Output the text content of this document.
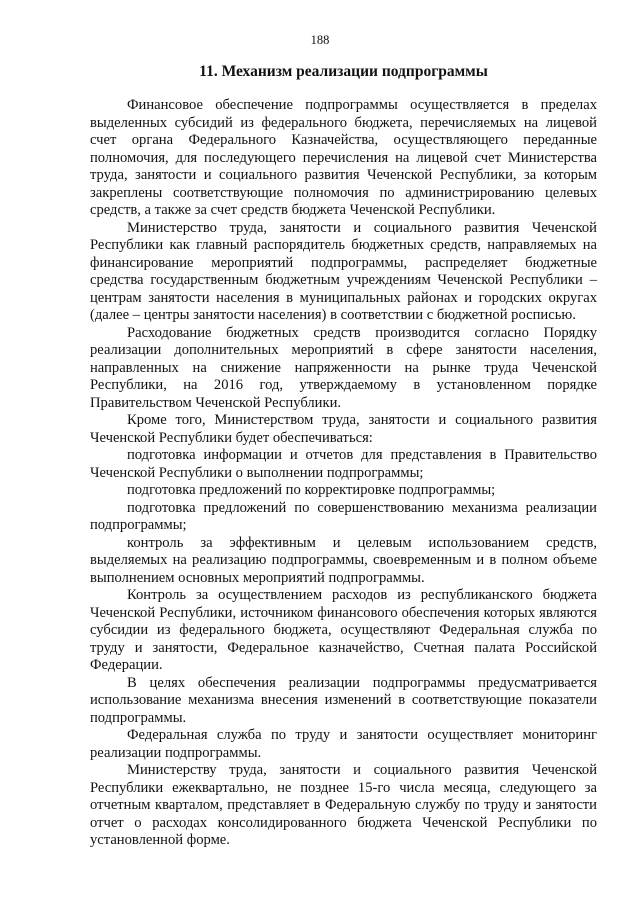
188
11. Механизм реализации подпрограммы

Финансовое обеспечение подпрограммы осуществляется в пределах выделенных субсидий из федерального бюджета, перечисляемых на лицевой счет органа Федерального Казначейства, осуществляющего переданные полномочия, для последующего перечисления на лицевой счет Министерства труда, занятости и социального развития Чеченской Республики, за которым закреплены соответствующие полномочия по администрированию целевых средств, а также за счет средств бюджета Чеченской Республики.

Министерство труда, занятости и социального развития Чеченской Республики как главный распорядитель бюджетных средств, направляемых на финансирование мероприятий подпрограммы, распределяет бюджетные средства государственным бюджетным учреждениям Чеченской Республики – центрам занятости населения в муниципальных районах и городских округах (далее – центры занятости населения) в соответствии с бюджетной росписью.

Расходование бюджетных средств производится согласно Порядку реализации дополнительных мероприятий в сфере занятости населения, направленных на снижение напряженности на рынке труда Чеченской Республики, на 2016 год, утверждаемому в установленном порядке Правительством Чеченской Республики.

Кроме того, Министерством труда, занятости и социального развития Чеченской Республики будет обеспечиваться:

подготовка информации и отчетов для представления в Правительство Чеченской Республики о выполнении подпрограммы;

подготовка предложений по корректировке подпрограммы;

подготовка предложений по совершенствованию механизма реализации подпрограммы;

контроль за эффективным и целевым использованием средств, выделяемых на реализацию подпрограммы, своевременным и в полном объеме выполнением основных мероприятий подпрограммы.

Контроль за осуществлением расходов из республиканского бюджета Чеченской Республики, источником финансового обеспечения которых являются субсидии из федерального бюджета, осуществляют Федеральная служба по труду и занятости, Федеральное казначейство, Счетная палата Российской Федерации.

В целях обеспечения реализации подпрограммы предусматривается использование механизма внесения изменений в соответствующие показатели подпрограммы.

Федеральная служба по труду и занятости осуществляет мониторинг реализации подпрограммы.

Министерству труда, занятости и социального развития Чеченской Республики ежеквартально, не позднее 15-го числа месяца, следующего за отчетным кварталом, представляет в Федеральную службу по труду и занятости отчет о расходах консолидированного бюджета Чеченской Республики по установленной форме.
